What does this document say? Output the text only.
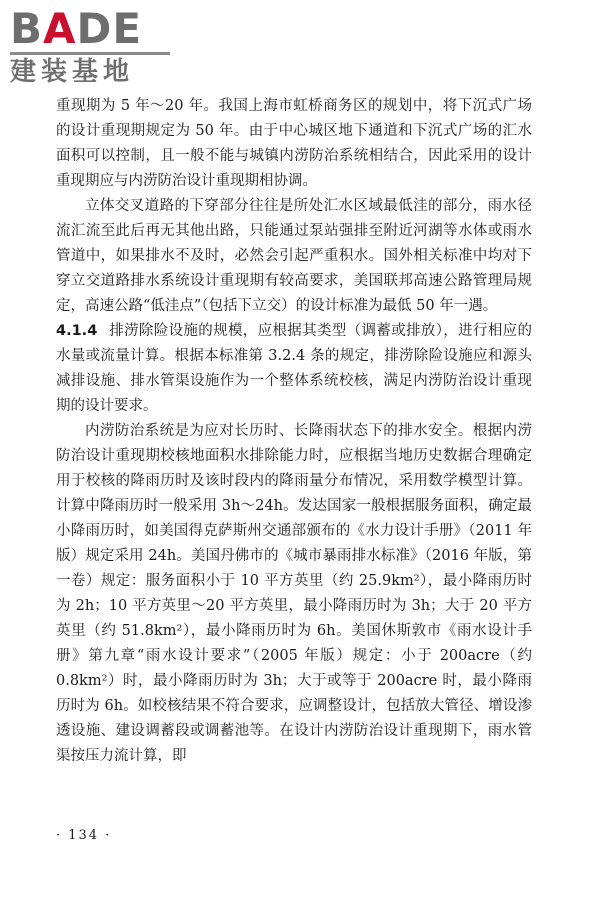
BADE
建装基地

重现期为 5 年～20 年。我国上海市虹桥商务区的规划中，将下沉式广场的设计重现期规定为 50 年。由于中心城区地下通道和下沉式广场的汇水面积可以控制，且一般不能与城镇内涝防治系统相结合，因此采用的设计重现期应与内涝防治设计重现期相协调。

立体交叉道路的下穿部分往往是所处汇水区域最低洼的部分，雨水径流汇流至此后再无其他出路，只能通过泵站强排至附近河湖等水体或雨水管道中，如果排水不及时，必然会引起严重积水。国外相关标准中均对下穿立交道路排水系统设计重现期有较高要求，美国联邦高速公路管理局规定，高速公路“低洼点”（包括下立交）的设计标准为最低 50 年一遇。

4.1.4 排涝除险设施的规模，应根据其类型（调蓄或排放），进行相应的水量或流量计算。根据本标准第 3.2.4 条的规定，排涝除险设施应和源头减排设施、排水管渠设施作为一个整体系统校核，满足内涝防治设计重现期的设计要求。

内涝防治系统是为应对长历时、长降雨状态下的排水安全。根据内涝防治设计重现期校核地面积水排除能力时，应根据当地历史数据合理确定用于校核的降雨历时及该时段内的降雨量分布情况，采用数学模型计算。计算中降雨历时一般采用 3h～24h。发达国家一般根据服务面积，确定最小降雨历时，如美国得克萨斯州交通部颁布的《水力设计手册》（2011 年版）规定采用 24h。美国丹佛市的《城市暴雨排水标准》（2016 年版，第一卷）规定：服务面积小于 10 平方英里（约 25.9km²），最小降雨历时为 2h；10 平方英里～20 平方英里，最小降雨历时为 3h；大于 20 平方英里（约 51.8km²），最小降雨历时为 6h。美国休斯敦市《雨水设计手册》第九章“雨水设计要求”（2005 年版）规定：小于 200acre（约 0.8km²）时，最小降雨历时为 3h；大于或等于 200acre 时，最小降雨历时为 6h。如校核结果不符合要求，应调整设计，包括放大管径、增设渗透设施、建设调蓄段或调蓄池等。在设计内涝防治设计重现期下，雨水管渠按压力流计算，即

· 134 ·
